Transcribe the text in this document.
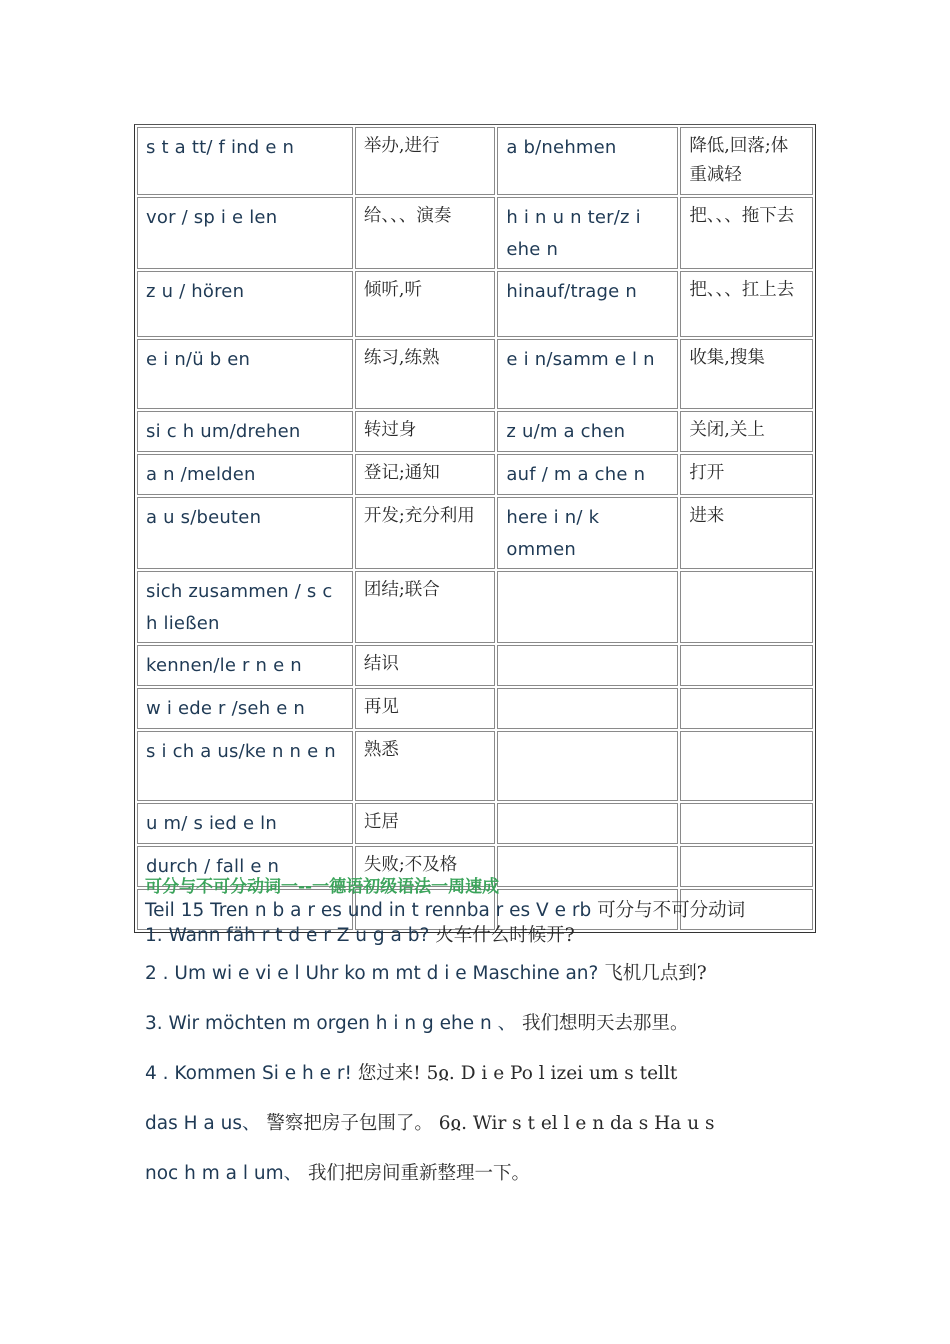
s t a tt/ f ind e n	举办,进行	a b/nehmen	降低,回落;体重减轻
vor / sp i e len	给、、、演奏	h i n u n ter/z i ehe n	把、、、拖下去
z u / hören	倾听,听	hinauf/trage n	把、、、扛上去
e i n/ü b en	练习,练熟	e i n/samm e l n	收集,搜集
si c h um/drehen	转过身	z u/m a chen	关闭,关上
a n /melden	登记;通知	auf / m a che n	打开
a u s/beuten	开发;充分利用	here i n/ k ommen	进来
sich zusammen / s c h ließen	团结;联合		
kennen/le r n e n	结识		
w i ede r /seh e n	再见		
s i ch a us/ke n n e n	熟悉		
u m/ s ied e ln	迁居		
durch / fall e n	失败;不及格		

可分与不可分动词一--一德语初级语法一周速成
Teil 15 Tren n b a r es und in t rennba r es V e rb 可分与不可分动词
1. Wann fäh r t d e r Z u g a b? 火车什么时候开?
2 . Um wi e vi e l Uhr ko m mt d i e Maschine an? 飞机几点到?
3. Wir möchten m orgen h i n g ehe n 、 我们想明天去那里。
4 . Kommen Si e h e r! 您过来! 5ჲ. D i e Po l izei um s tellt
das H a us、 警察把房子包围了。 6ჲ. Wir s t el l e n da s Ha u s
noc h m a l um、 我们把房间重新整理一下。
